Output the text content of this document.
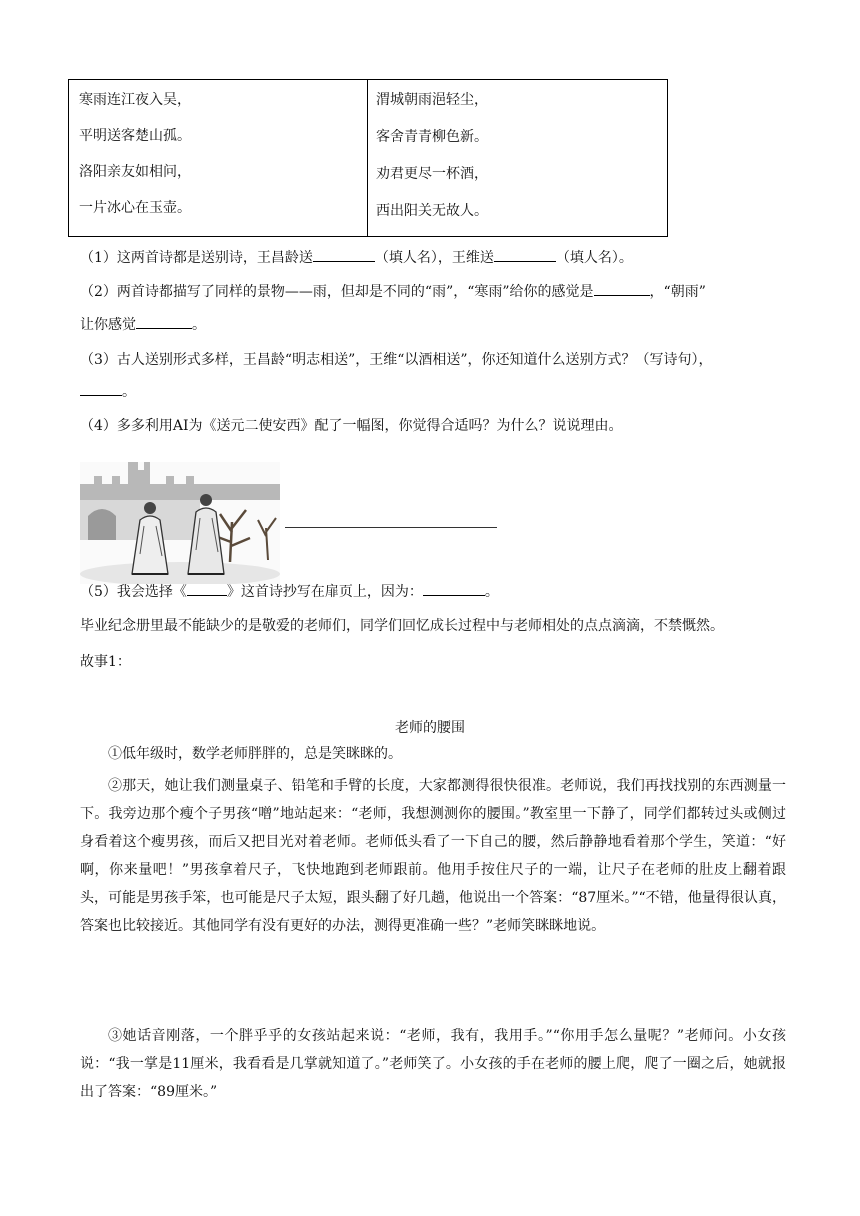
寒雨连江夜入吴，
平明送客楚山孤。
洛阳亲友如相问，
一片冰心在玉壶。
渭城朝雨浥轻尘，
客舍青青柳色新。
劝君更尽一杯酒，
西出阳关无故人。
（1）这两首诗都是送别诗，王昌龄送	（填人名），王维送	（填人名）。
（2）两首诗都描写了同样的景物——雨，但却是不同的“雨”，“寒雨”给你的感觉是	，“朝雨”
让你感觉	。
（3）古人送别形式多样，王昌龄“明志相送”，王维“以酒相送”，你还知道什么送别方式？（写诗句），
。
（4）多多利用AI为《送元二使安西》配了一幅图，你觉得合适吗？为什么？说说理由。
（5）我会选择《	》这首诗抄写在扉页上，因为：	。
毕业纪念册里最不能缺少的是敬爱的老师们，同学们回忆成长过程中与老师相处的点点滴滴，不禁慨然。
故事1：
老师的腰围
①低年级时，数学老师胖胖的，总是笑眯眯的。
②那天，她让我们测量桌子、铅笔和手臂的长度，大家都测得很快很准。老师说，我们再找找别的东西测量一下。我旁边那个瘦个子男孩“噌”地站起来：“老师，我想测测你的腰围。”教室里一下静了，同学们都转过头或侧过身看着这个瘦男孩，而后又把目光对着老师。老师低头看了一下自己的腰，然后静静地看着那个学生，笑道：“好啊，你来量吧！”男孩拿着尺子，飞快地跑到老师跟前。他用手按住尺子的一端，让尺子在老师的肚皮上翻着跟头，可能是男孩手笨，也可能是尺子太短，跟头翻了好几趟，他说出一个答案：“87厘米。”“不错，他量得很认真，答案也比较接近。其他同学有没有更好的办法，测得更准确一些？”老师笑眯眯地说。
③她话音刚落，一个胖乎乎的女孩站起来说：“老师，我有，我用手。”“你用手怎么量呢？”老师问。小女孩说：“我一掌是11厘米，我看看是几掌就知道了。”老师笑了。小女孩的手在老师的腰上爬，爬了一圈之后，她就报出了答案：“89厘米。”
